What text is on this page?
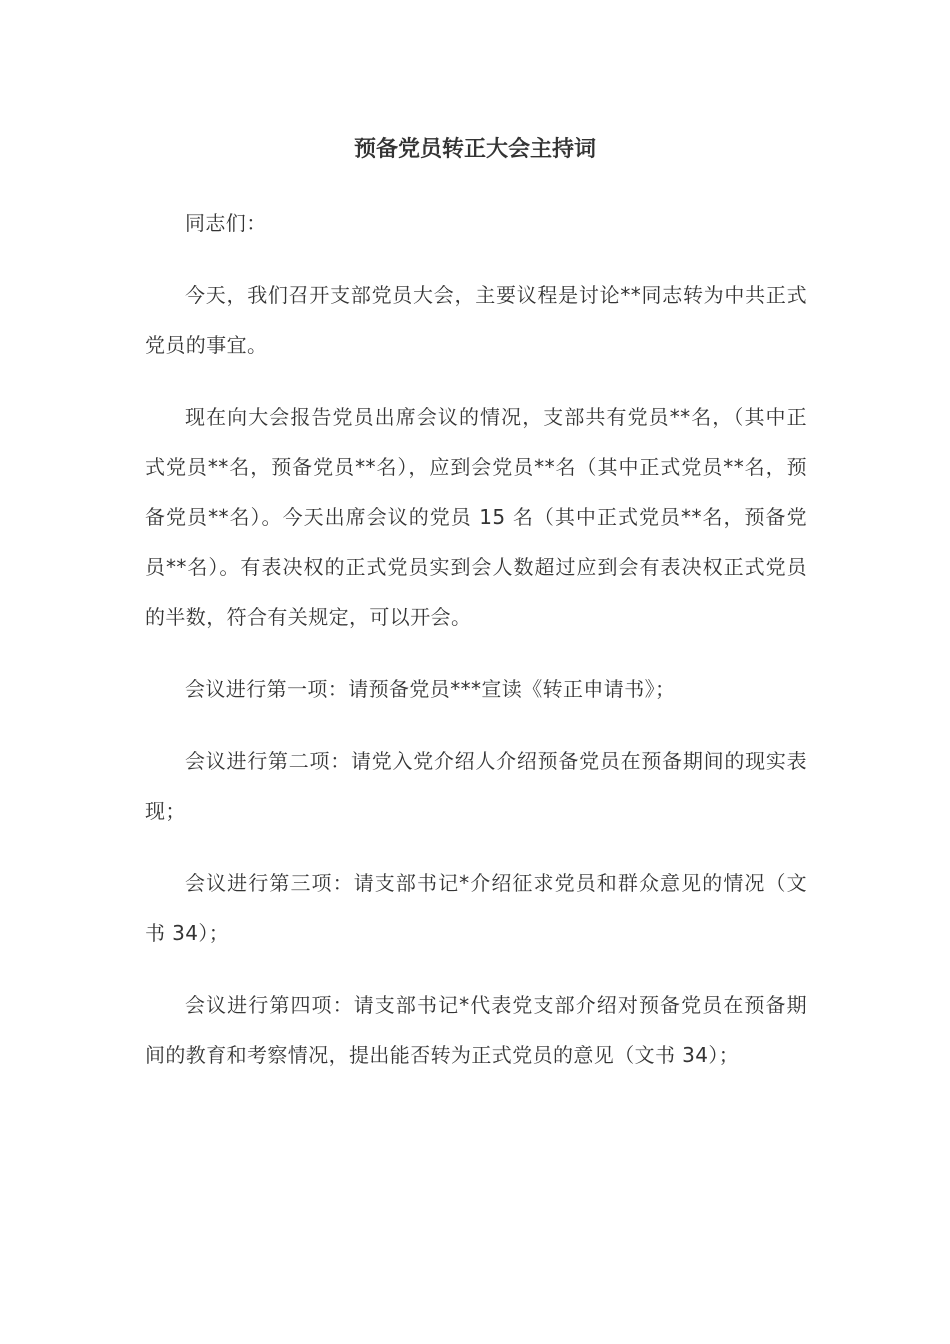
预备党员转正大会主持词

同志们：

今天，我们召开支部党员大会，主要议程是讨论**同志转为中共正式党员的事宜。

现在向大会报告党员出席会议的情况，支部共有党员**名，（其中正式党员**名，预备党员**名），应到会党员**名（其中正式党员**名，预备党员**名）。今天出席会议的党员 15 名（其中正式党员**名，预备党员**名）。有表决权的正式党员实到会人数超过应到会有表决权正式党员的半数，符合有关规定，可以开会。

会议进行第一项：请预备党员***宣读《转正申请书》；

会议进行第二项：请党入党介绍人介绍预备党员在预备期间的现实表现；

会议进行第三项：请支部书记*介绍征求党员和群众意见的情况（文书 34）；

会议进行第四项：请支部书记*代表党支部介绍对预备党员在预备期间的教育和考察情况，提出能否转为正式党员的意见（文书 34）；
